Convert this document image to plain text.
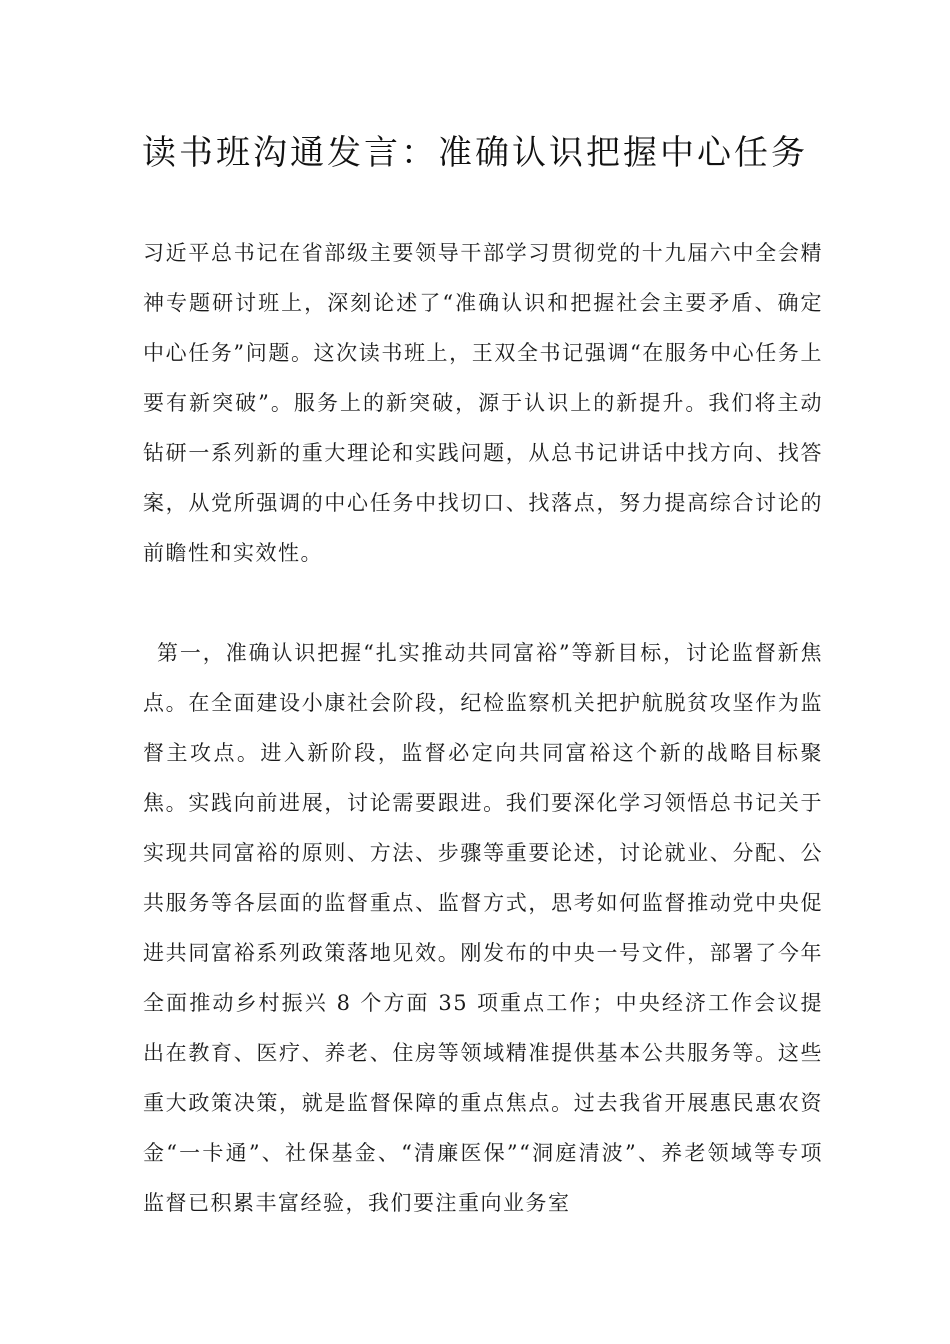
读书班沟通发言：准确认识把握中心任务

习近平总书记在省部级主要领导干部学习贯彻党的十九届六中全会精神专题研讨班上，深刻论述了“准确认识和把握社会主要矛盾、确定中心任务”问题。这次读书班上，王双全书记强调“在服务中心任务上要有新突破”。服务上的新突破，源于认识上的新提升。我们将主动钻研一系列新的重大理论和实践问题，从总书记讲话中找方向、找答案，从党所强调的中心任务中找切口、找落点，努力提高综合讨论的前瞻性和实效性。

第一，准确认识把握“扎实推动共同富裕”等新目标，讨论监督新焦点。在全面建设小康社会阶段，纪检监察机关把护航脱贫攻坚作为监督主攻点。进入新阶段，监督必定向共同富裕这个新的战略目标聚焦。实践向前进展，讨论需要跟进。我们要深化学习领悟总书记关于实现共同富裕的原则、方法、步骤等重要论述，讨论就业、分配、公共服务等各层面的监督重点、监督方式，思考如何监督推动党中央促进共同富裕系列政策落地见效。刚发布的中央一号文件，部署了今年全面推动乡村振兴 8 个方面 35 项重点工作；中央经济工作会议提出在教育、医疗、养老、住房等领域精准提供基本公共服务等。这些重大政策决策，就是监督保障的重点焦点。过去我省开展惠民惠农资金“一卡通”、社保基金、“清廉医保”“洞庭清波”、养老领域等专项监督已积累丰富经验，我们要注重向业务室
